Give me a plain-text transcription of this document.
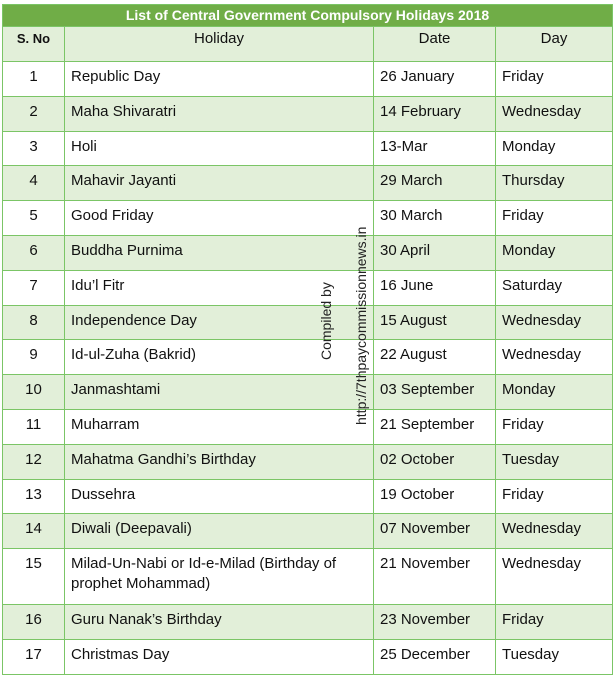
List of Central Government Compulsory Holidays 2018			
S. No	Holiday	Date	Day
1	Republic Day	26 January	Friday
2	Maha Shivaratri	14 February	Wednesday
3	Holi	13-Mar	Monday
4	Mahavir Jayanti	29 March	Thursday
5	Good Friday	30 March	Friday
6	Buddha Purnima	30 April	Monday
7	Idu’l Fitr	16 June	Saturday
8	Independence Day	15 August	Wednesday
9	Id-ul-Zuha (Bakrid)	22 August	Wednesday
10	Janmashtami	03 September	Monday
11	Muharram	21 September	Friday
12	Mahatma Gandhi’s Birthday	02 October	Tuesday
13	Dussehra	19 October	Friday
14	Diwali (Deepavali)	07 November	Wednesday
15	Milad-Un-Nabi or Id-e-Milad (Birthday of prophet Mohammad)	21 November	Wednesday
16	Guru Nanak’s Birthday	23 November	Friday
17	Christmas Day	25 December	Tuesday
Compiled by http://7thpaycommissionnews.in
